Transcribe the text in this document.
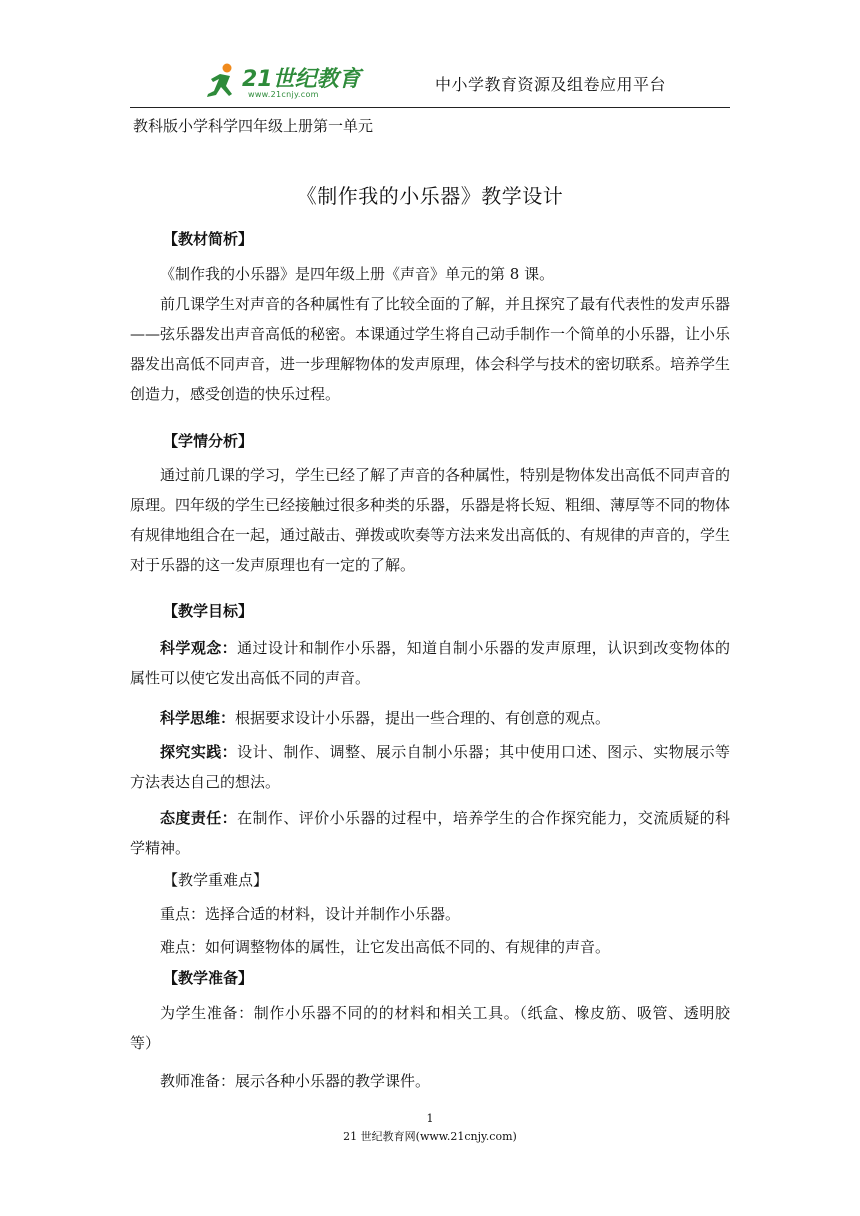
21世纪教育
www.21cnjy.com
中小学教育资源及组卷应用平台
教科版小学科学四年级上册第一单元
《制作我的小乐器》教学设计

【教材简析】

《制作我的小乐器》是四年级上册《声音》单元的第 8 课。

前几课学生对声音的各种属性有了比较全面的了解，并且探究了最有代表性的发声乐器——弦乐器发出声音高低的秘密。本课通过学生将自己动手制作一个简单的小乐器，让小乐器发出高低不同声音，进一步理解物体的发声原理，体会科学与技术的密切联系。培养学生创造力，感受创造的快乐过程。

【学情分析】

通过前几课的学习，学生已经了解了声音的各种属性，特别是物体发出高低不同声音的原理。四年级的学生已经接触过很多种类的乐器，乐器是将长短、粗细、薄厚等不同的物体有规律地组合在一起，通过敲击、弹拨或吹奏等方法来发出高低的、有规律的声音的，学生对于乐器的这一发声原理也有一定的了解。

【教学目标】

科学观念：通过设计和制作小乐器，知道自制小乐器的发声原理，认识到改变物体的属性可以使它发出高低不同的声音。

科学思维：根据要求设计小乐器，提出一些合理的、有创意的观点。

探究实践：设计、制作、调整、展示自制小乐器；其中使用口述、图示、实物展示等方法表达自己的想法。

态度责任：在制作、评价小乐器的过程中，培养学生的合作探究能力，交流质疑的科学精神。

【教学重难点】

重点：选择合适的材料，设计并制作小乐器。

难点：如何调整物体的属性，让它发出高低不同的、有规律的声音。

【教学准备】

为学生准备：制作小乐器不同的的材料和相关工具。（纸盒、橡皮筋、吸管、透明胶等）

教师准备：展示各种小乐器的教学课件。

1
21 世纪教育网(www.21cnjy.com)
